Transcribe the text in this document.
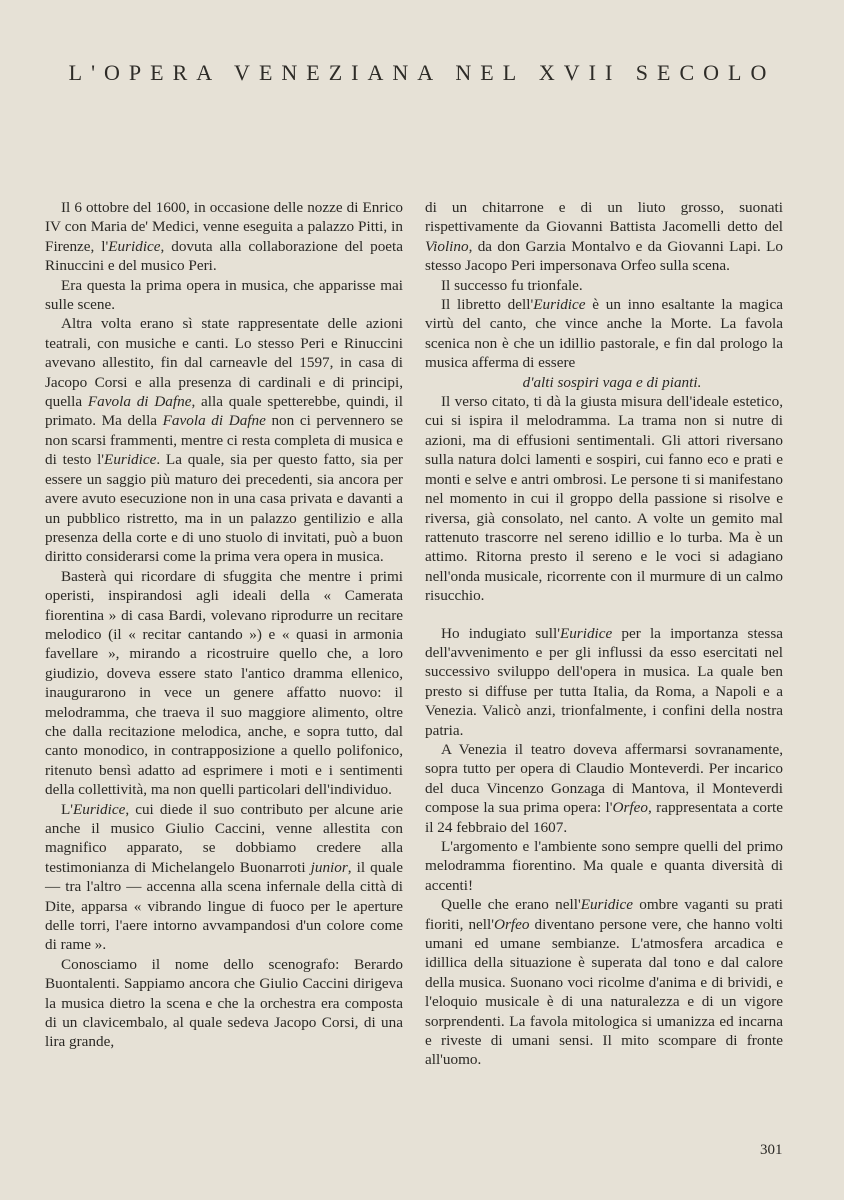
L'OPERA VENEZIANA NEL XVII SECOLO

Il 6 ottobre del 1600, in occasione delle nozze di Enrico IV con Maria de' Medici, venne eseguita a palazzo Pitti, in Firenze, l'Euridice, dovuta alla collaborazione del poeta Rinuccini e del musico Peri.

Era questa la prima opera in musica, che apparisse mai sulle scene.

Altra volta erano sì state rappresentate delle azioni teatrali, con musiche e canti. Lo stesso Peri e Rinuccini avevano allestito, fin dal carneavle del 1597, in casa di Jacopo Corsi e alla presenza di cardinali e di principi, quella Favola di Dafne, alla quale spetterebbe, quindi, il primato. Ma della Favola di Dafne non ci pervennero se non scarsi frammenti, mentre ci resta completa di musica e di testo l'Euridice. La quale, sia per questo fatto, sia per essere un saggio più maturo dei precedenti, sia ancora per avere avuto esecuzione non in una casa privata e davanti a un pubblico ristretto, ma in un palazzo gentilizio e alla presenza della corte e di uno stuolo di invitati, può a buon diritto considerarsi come la prima vera opera in musica.

Basterà qui ricordare di sfuggita che mentre i primi operisti, inspirandosi agli ideali della « Camerata fiorentina » di casa Bardi, volevano riprodurre un recitare melodico (il « recitar cantando ») e « quasi in armonia favellare », mirando a ricostruire quello che, a loro giudizio, doveva essere stato l'antico dramma ellenico, inaugurarono in vece un genere affatto nuovo: il melodramma, che traeva il suo maggiore alimento, oltre che dalla recitazione melodica, anche, e sopra tutto, dal canto monodico, in contrapposizione a quello polifonico, ritenuto bensì adatto ad esprimere i moti e i sentimenti della collettività, ma non quelli particolari dell'individuo.

L'Euridice, cui diede il suo contributo per alcune arie anche il musico Giulio Caccini, venne allestita con magnifico apparato, se dobbiamo credere alla testimonianza di Michelangelo Buonarroti junior, il quale — tra l'altro — accenna alla scena infernale della città di Dite, apparsa « vibrando lingue di fuoco per le aperture delle torri, l'aere intorno avvampandosi d'un colore come di rame ».

Conosciamo il nome dello scenografo: Berardo Buontalenti. Sappiamo ancora che Giulio Caccini dirigeva la musica dietro la scena e che la orchestra era composta di un clavicembalo, al quale sedeva Jacopo Corsi, di una lira grande,

di un chitarrone e di un liuto grosso, suonati rispettivamente da Giovanni Battista Jacomelli detto del Violino, da don Garzia Montalvo e da Giovanni Lapi. Lo stesso Jacopo Peri impersonava Orfeo sulla scena.

Il successo fu trionfale.

Il libretto dell'Euridice è un inno esaltante la magica virtù del canto, che vince anche la Morte. La favola scenica non è che un idillio pastorale, e fin dal prologo la musica afferma di essere

d'alti sospiri vaga e di pianti.

Il verso citato, ti dà la giusta misura dell'ideale estetico, cui si ispira il melodramma. La trama non si nutre di azioni, ma di effusioni sentimentali. Gli attori riversano sulla natura dolci lamenti e sospiri, cui fanno eco e prati e monti e selve e antri ombrosi. Le persone ti si manifestano nel momento in cui il groppo della passione si risolve e riversa, già consolato, nel canto. A volte un gemito mal rattenuto trascorre nel sereno idillio e lo turba. Ma è un attimo. Ritorna presto il sereno e le voci si adagiano nell'onda musicale, ricorrente con il murmure di un calmo risucchio.

Ho indugiato sull'Euridice per la importanza stessa dell'avvenimento e per gli influssi da esso esercitati nel successivo sviluppo dell'opera in musica. La quale ben presto si diffuse per tutta Italia, da Roma, a Napoli e a Venezia. Valicò anzi, trionfalmente, i confini della nostra patria.

A Venezia il teatro doveva affermarsi sovranamente, sopra tutto per opera di Claudio Monteverdi. Per incarico del duca Vincenzo Gonzaga di Mantova, il Monteverdi compose la sua prima opera: l'Orfeo, rappresentata a corte il 24 febbraio del 1607.

L'argomento e l'ambiente sono sempre quelli del primo melodramma fiorentino. Ma quale e quanta diversità di accenti!

Quelle che erano nell'Euridice ombre vaganti su prati fioriti, nell'Orfeo diventano persone vere, che hanno volti umani ed umane sembianze. L'atmosfera arcadica e idillica della situazione è superata dal tono e dal calore della musica. Suonano voci ricolme d'anima e di brividi, e l'eloquio musicale è di una naturalezza e di un vigore sorprendenti. La favola mitologica si umanizza ed incarna e riveste di umani sensi. Il mito scompare di fronte all'uomo.

301
